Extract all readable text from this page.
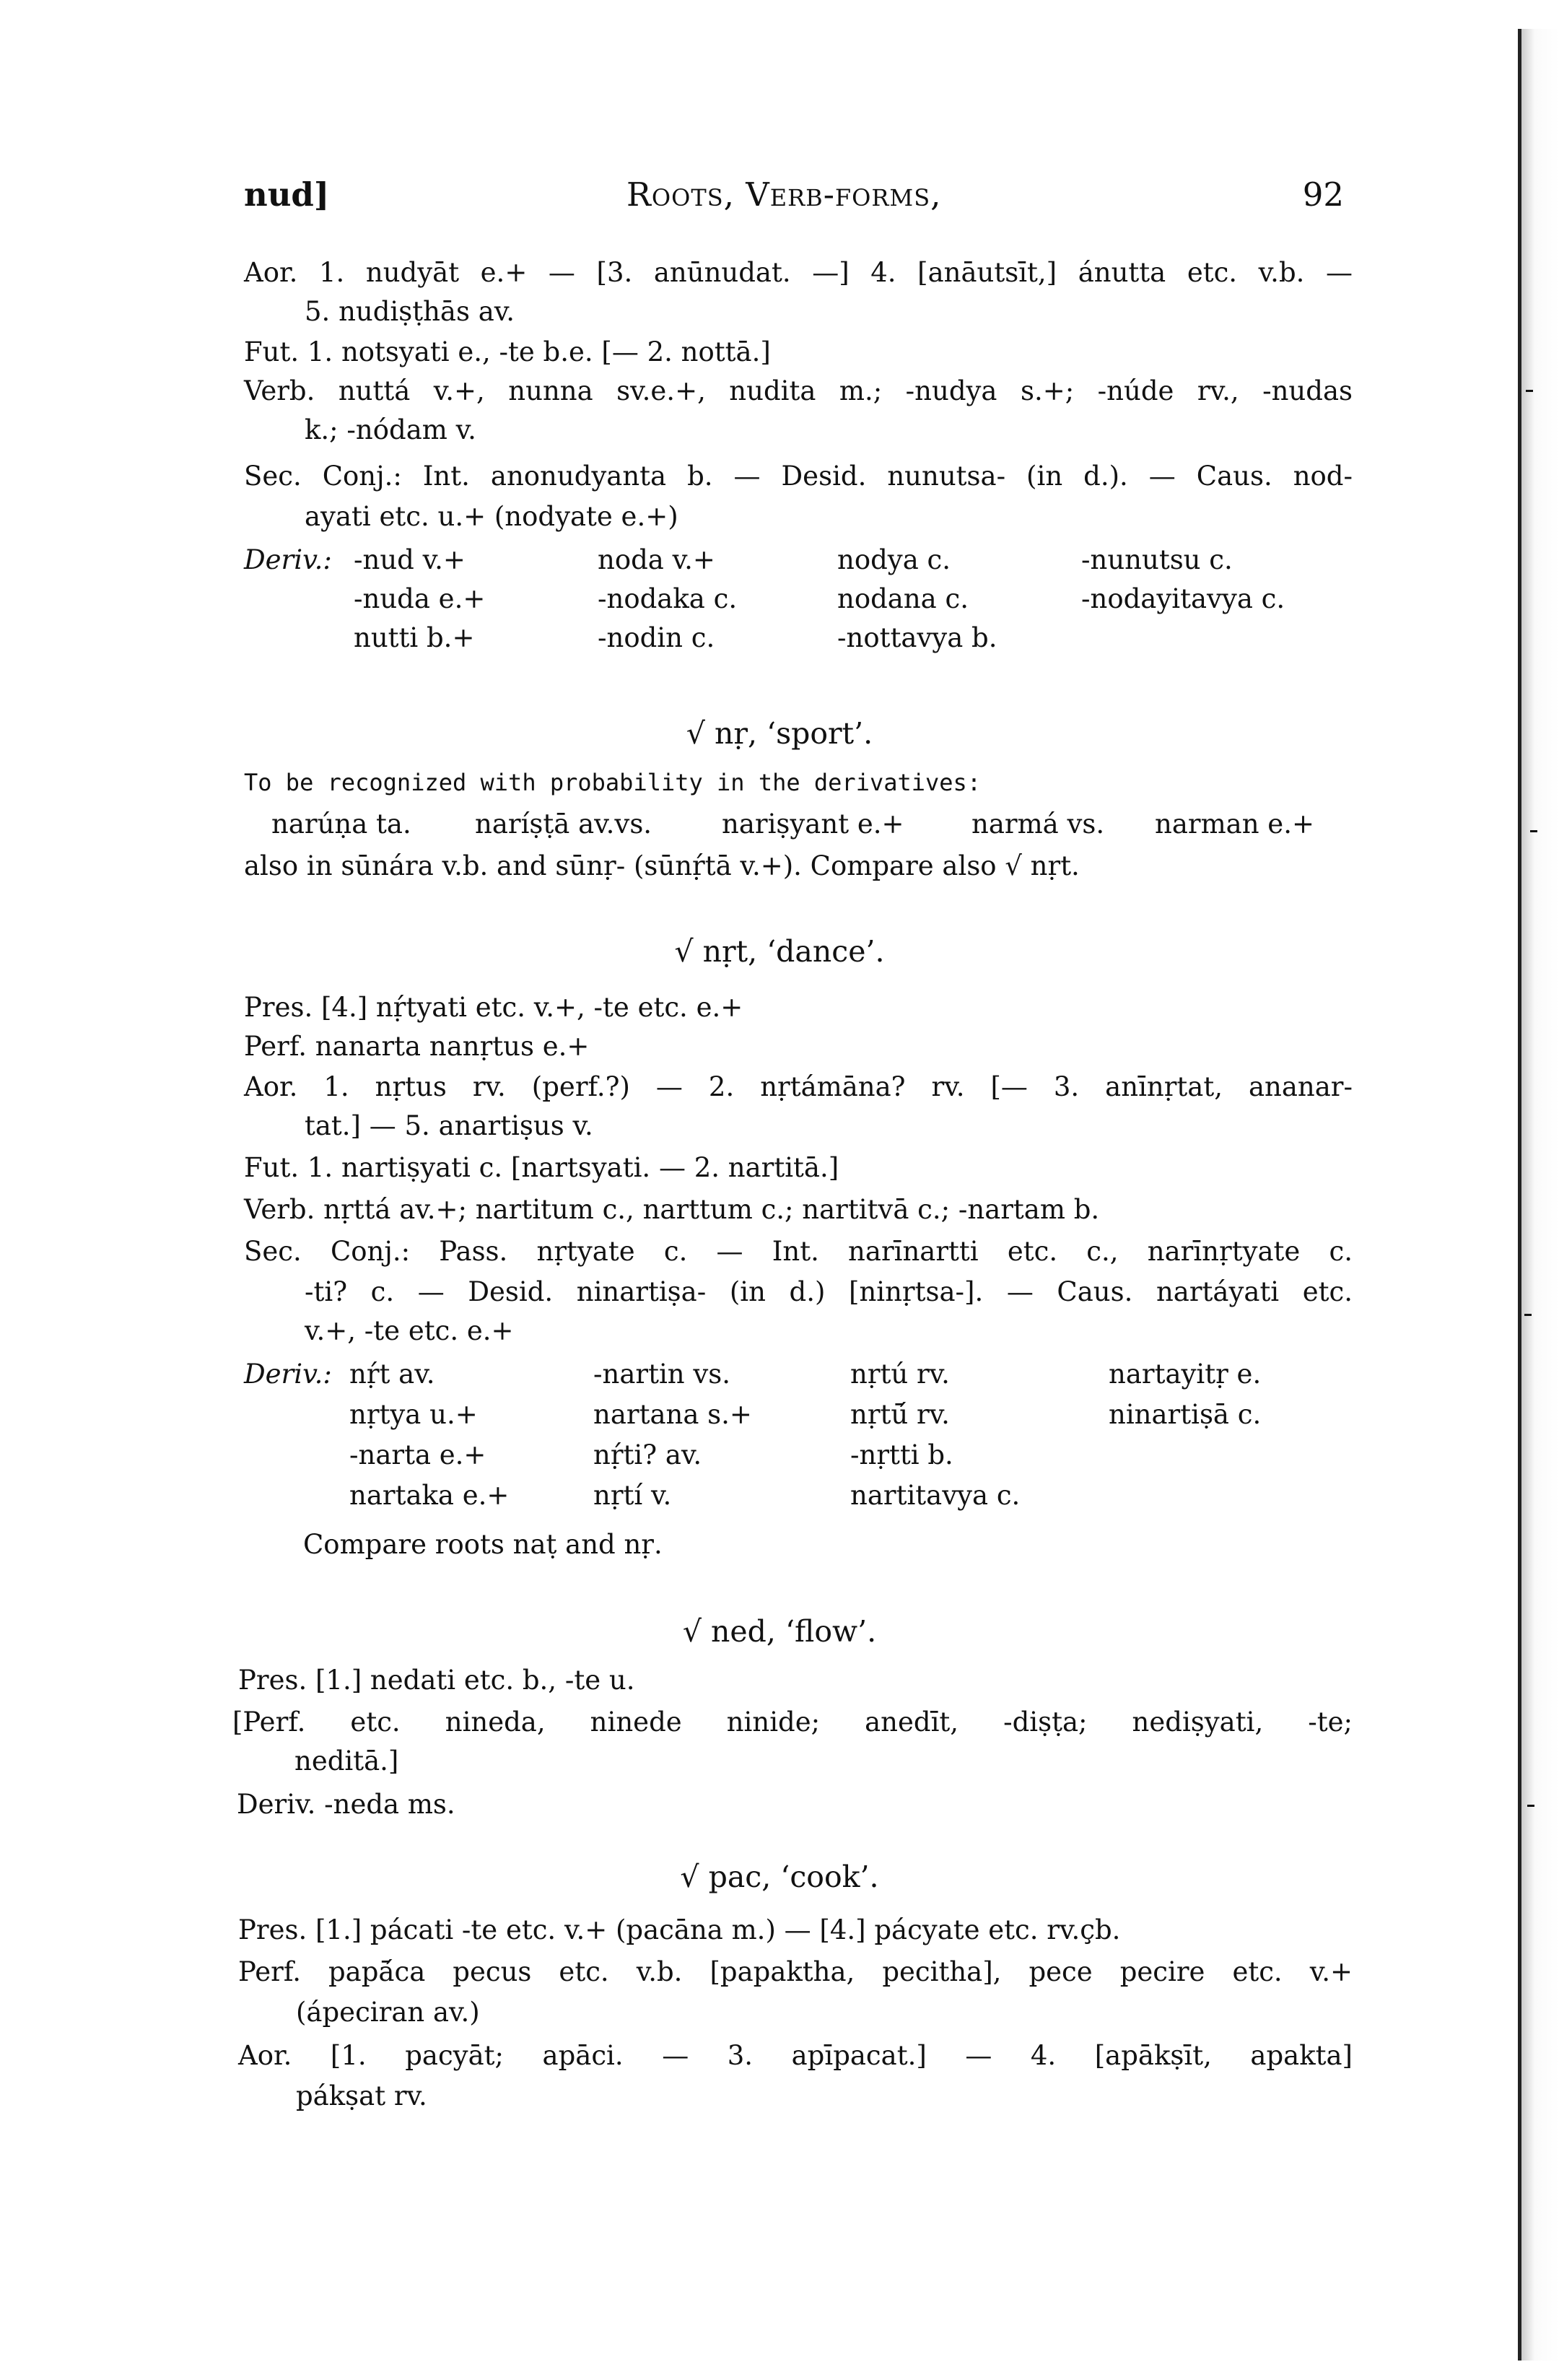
nud]	Roots, Verb-forms,	92
Aor. 1. nudyāt e.+ — [3. anūnudat. —] 4. [anāutsīt,] ánutta etc. v.b. —
5. nudiṣṭhās av.
Fut. 1. notsyati e., -te b.e. [— 2. nottā.]
Verb. nuttá v.+, nunna sv.e.+, nudita m.; -nudya s.+; -núde rv., -nudas
k.; -nódam v.
Sec. Conj.: Int. anonudyanta b. — Desid. nunutsa- (in d.). — Caus. nod-
ayati etc. u.+ (nodyate e.+)
Deriv.: -nud v.+	noda v.+	nodya c.	-nunutsu c.
-nuda e.+	-nodaka c.	nodana c.	-nodayitavya c.
nutti b.+	-nodin c.	-nottavya b.
√ nṛ, ‘sport’.
To be recognized with probability in the derivatives:
narúṇa ta. naríṣṭā av.vs.	nariṣyant e.+	narmá vs. narman e.+
also in sūnára v.b. and sūnṛ- (sūnṛ́tā v.+). Compare also √ nṛt.
√ nṛt, ‘dance’.
Pres. [4.] nṛ́tyati etc. v.+, -te etc. e.+
Perf. nanarta nanṛtus e.+
Aor. 1. nṛtus rv. (perf.?) — 2. nṛtámāna? rv. [— 3. anīnṛtat, ananar-
tat.] — 5. anartiṣus v.
Fut. 1. nartiṣyati c. [nartsyati. — 2. nartitā.]
Verb. nṛttá av.+; nartitum c., narttum c.; nartitvā c.; -nartam b.
Sec. Conj.: Pass. nṛtyate c. — Int. narīnartti etc. c., narīnṛtyate c.
-ti? c. — Desid. ninartiṣa- (in d.) [ninṛtsa-]. — Caus. nartáyati etc.
v.+, -te etc. e.+
Deriv.: nṛ́t av.	-nartin vs.	nṛtú rv.	nartayitṛ e.
nṛtya u.+	nartana s.+	nṛtū́ rv.	ninartiṣā c.
-narta e.+	nṛ́ti? av.	-nṛtti b.
nartaka e.+	nṛtí v.	nartitavya c.
Compare roots naṭ and nṛ.
√ ned, ‘flow’.
Pres. [1.] nedati etc. b., -te u.
[Perf. etc. nineda, ninede ninide; anedīt, -diṣṭa; nediṣyati, -te;
neditā.]
Deriv. -neda ms.
√ pac, ‘cook’.
Pres. [1.] pácati -te etc. v.+ (pacāna m.) — [4.] pácyate etc. rv.çb.
Perf. papā́ca pecus etc. v.b. [papaktha, pecitha], pece pecire etc. v.+
(ápeciran av.)
Aor. [1. pacyāt; apāci. — 3. apīpacat.] — 4. [apākṣīt, apakta]
pákṣat rv.
